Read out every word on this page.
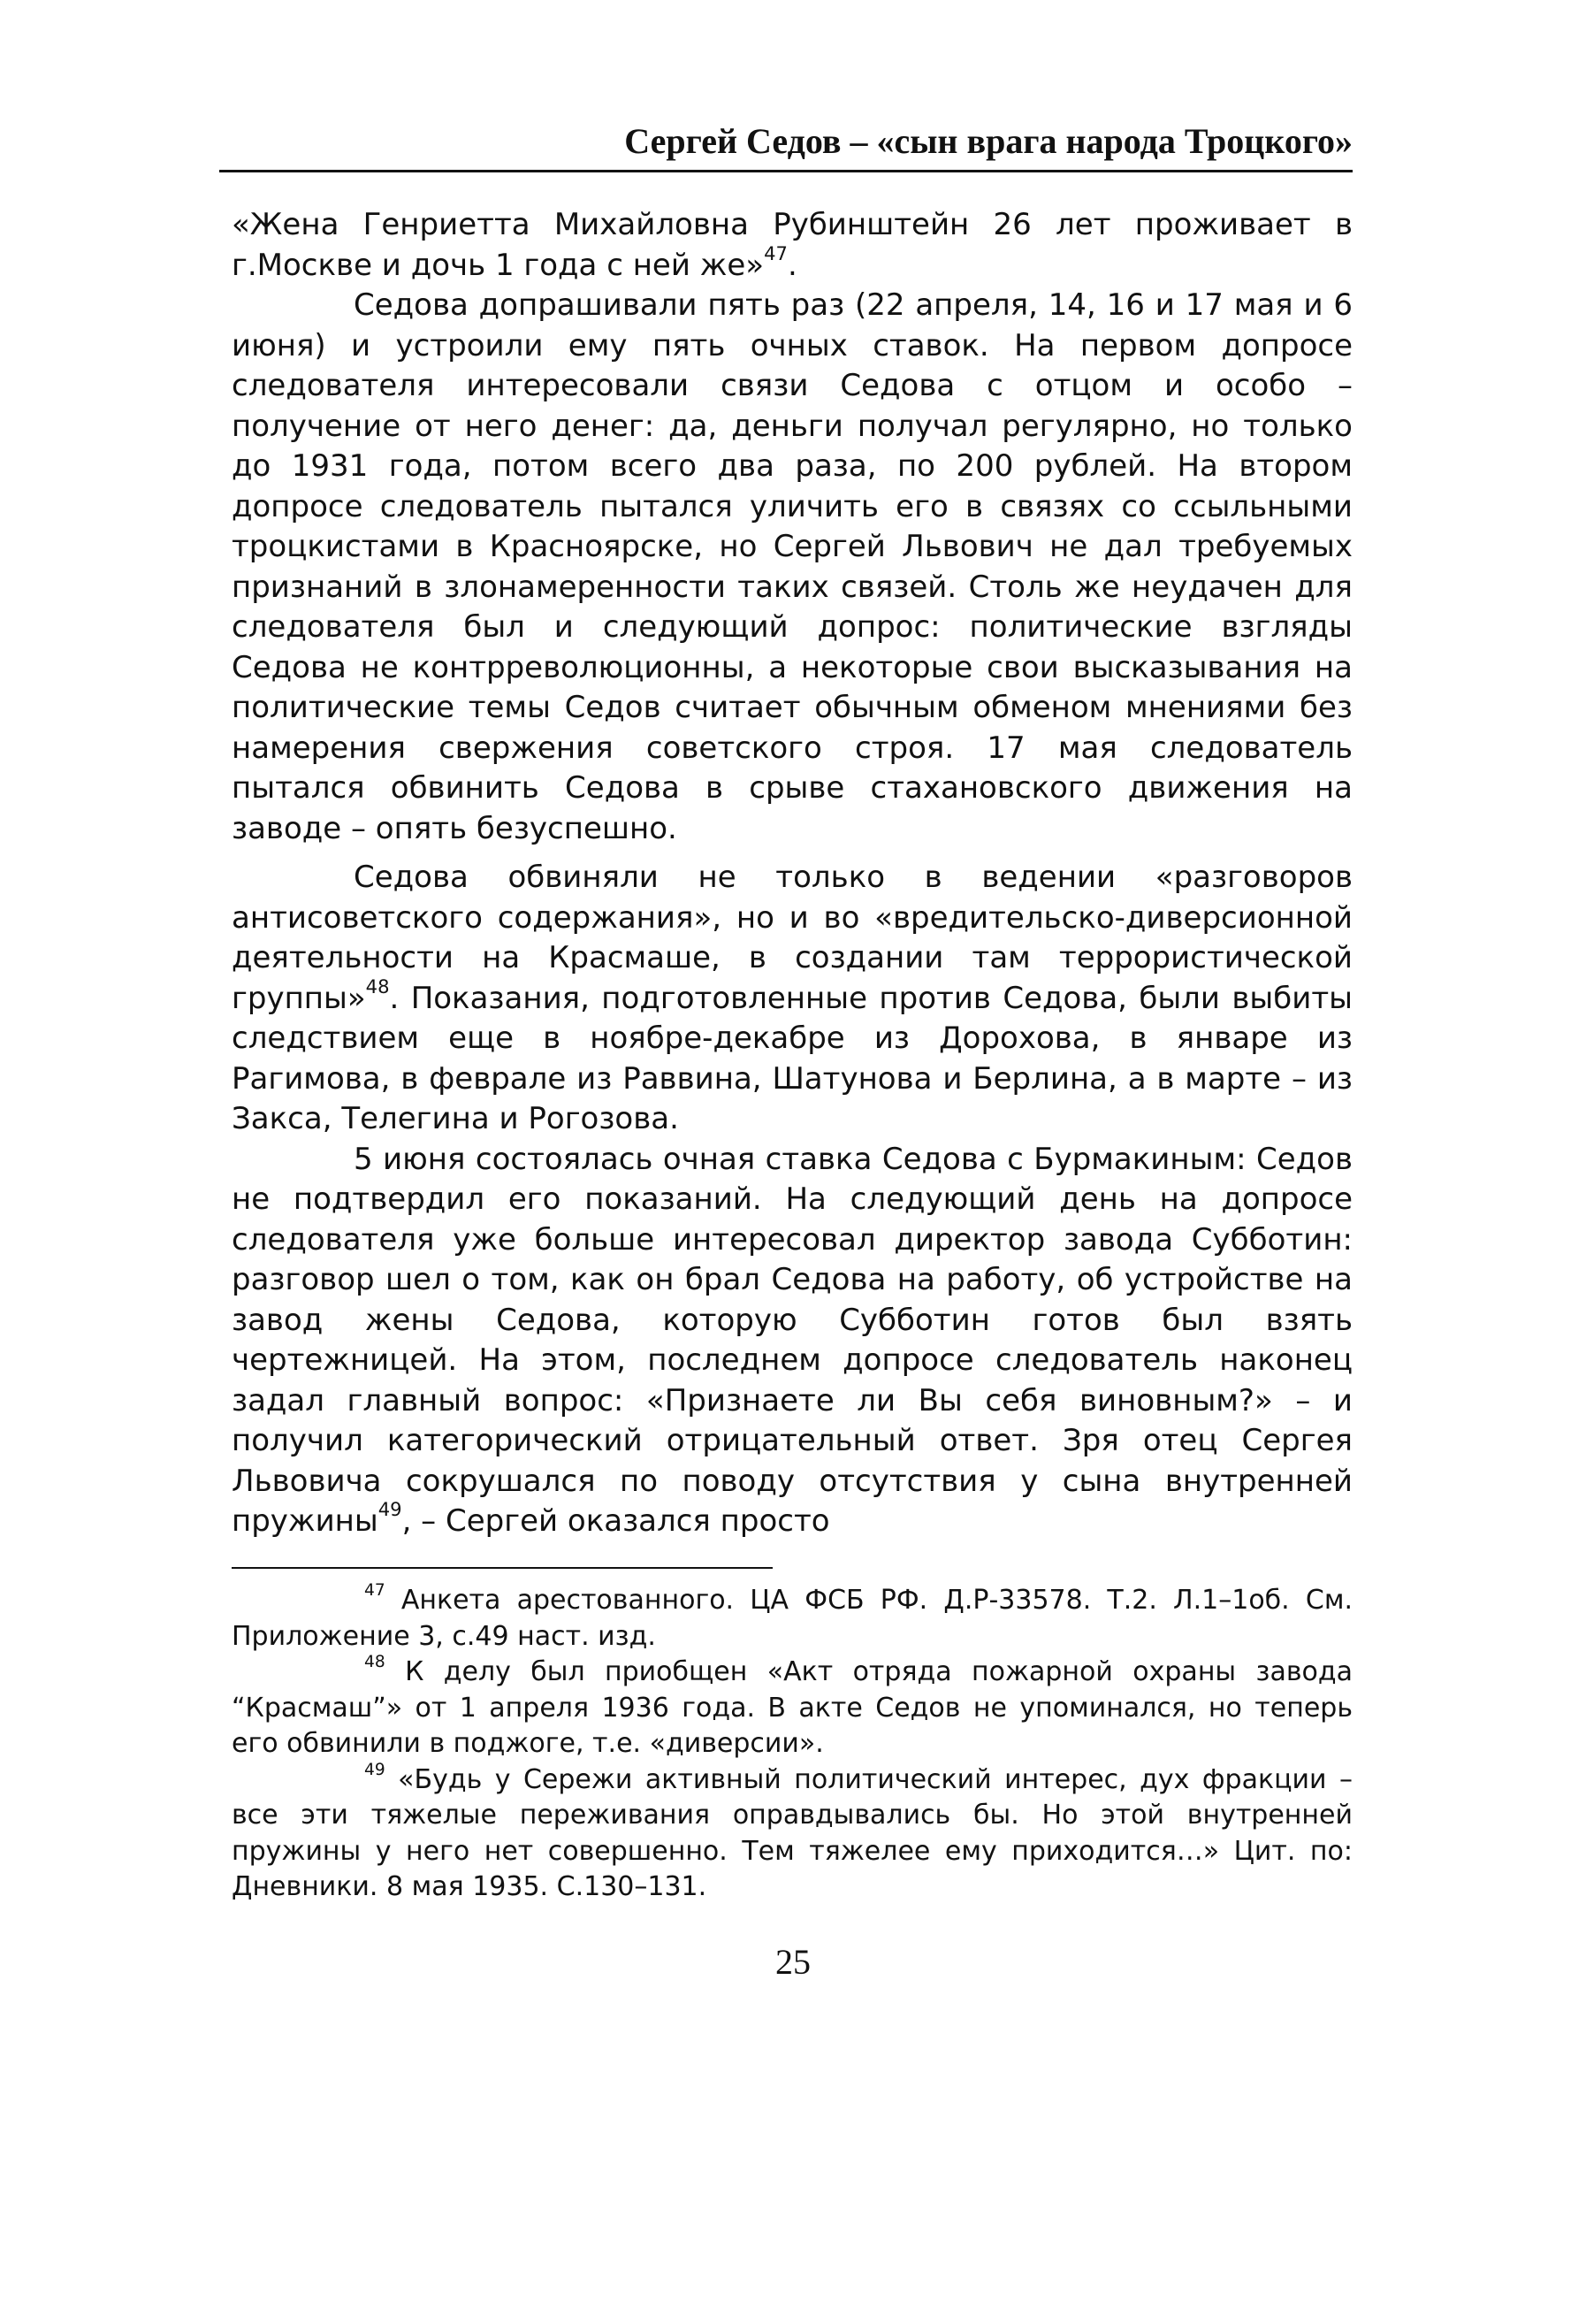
Сергей Седов – «сын врага народа Троцкого»

«Жена Генриетта Михайловна Рубинштейн 26 лет проживает в г.Москве и дочь 1 года с ней же»$^{47}$.

Седова допрашивали пять раз (22 апреля, 14, 16 и 17 мая и 6 июня) и устроили ему пять очных ставок. На первом допросе следователя интересовали связи Седова с отцом и особо – получение от него денег: да, деньги получал регулярно, но только до 1931 года, потом всего два раза, по 200 рублей. На втором допросе следователь пытался уличить его в связях со ссыльными троцкистами в Красноярске, но Сергей Львович не дал требуемых признаний в злонамеренности таких связей. Столь же неудачен для следователя был и следующий допрос: политические взгляды Седова не контрреволюционны, а некоторые свои высказывания на политические темы Седов считает обычным обменом мнениями без намерения свержения советского строя. 17 мая следователь пытался обвинить Седова в срыве стахановского движения на заводе – опять безуспешно.

Седова обвиняли не только в ведении «разговоров антисоветского содержания», но и во «вредительско-диверсионной деятельности на Красмаше, в создании там террористической группы»$^{48}$. Показания, подготовленные против Седова, были выбиты следствием еще в ноябре-декабре из Дорохова, в январе из Рагимова, в феврале из Раввина, Шатунова и Берлина, а в марте – из Закса, Телегина и Рогозова.

5 июня состоялась очная ставка Седова с Бурмакиным: Седов не подтвердил его показаний. На следующий день на допросе следователя уже больше интересовал директор завода Субботин: разговор шел о том, как он брал Седова на работу, об устройстве на завод жены Седова, которую Субботин готов был взять чертежницей. На этом, последнем допросе следователь наконец задал главный вопрос: «Признаете ли Вы себя виновным?» – и получил категорический отрицательный ответ. Зря отец Сергея Львовича сокрушался по поводу отсутствия у сына внутренней пружины$^{49}$, – Сергей оказался просто

$^{47}$ Анкета арестованного. ЦА ФСБ РФ. Д.Р-33578. Т.2. Л.1–1об. См. Приложение 3, с.49 наст. изд.

$^{48}$ К делу был приобщен «Акт отряда пожарной охраны завода “Красмаш”» от 1 апреля 1936 года. В акте Седов не упоминался, но теперь его обвинили в поджоге, т.е. «диверсии».

$^{49}$ «Будь у Сережи активный политический интерес, дух фракции – все эти тяжелые переживания оправдывались бы. Но этой внутренней пружины у него нет совершенно. Тем тяжелее ему приходится…» Цит. по: Дневники. 8 мая 1935. С.130–131.

25
